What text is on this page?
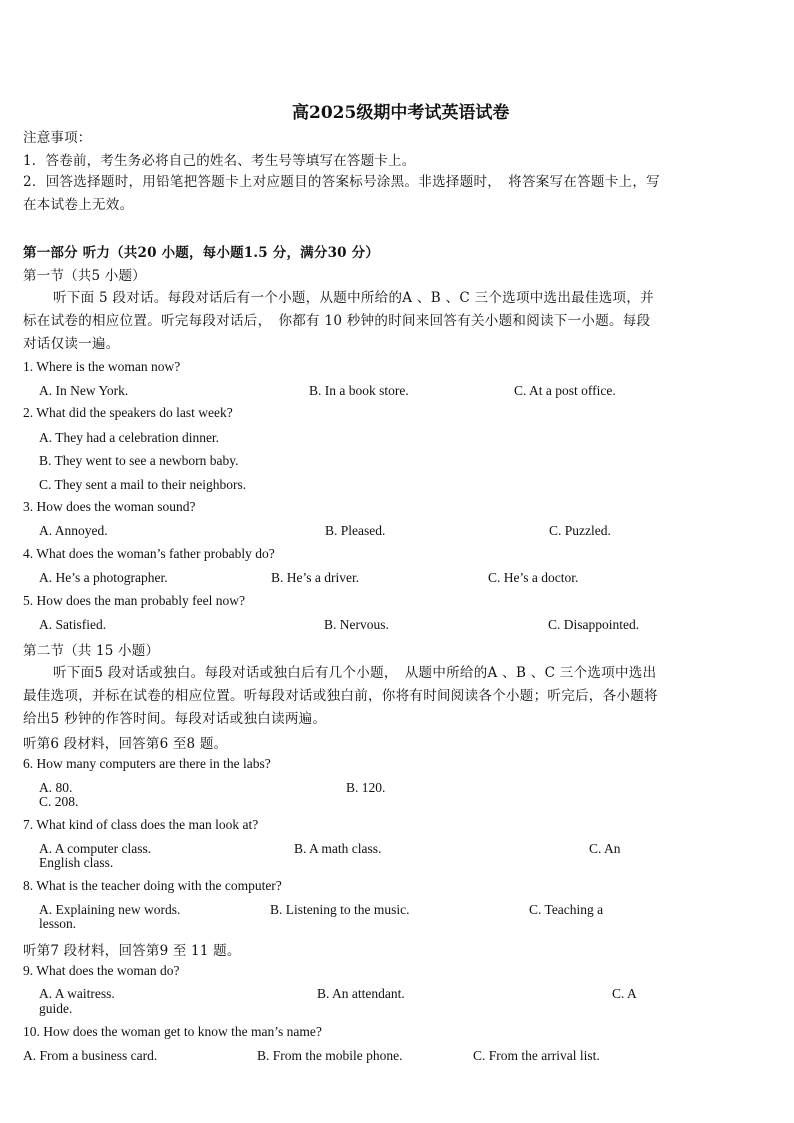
高2025级期中考试英语试卷
注意事项：
1．答卷前，考生务必将自己的姓名、考生号等填写在答题卡上。
2．回答选择题时，用铅笔把答题卡上对应题目的答案标号涂黑。非选择题时，　将答案写在答题卡上，写在本试卷上无效。
第一部分 听力（共20 小题，每小题1.5 分，满分30 分）
第一节（共5 小题）
听下面 5 段对话。每段对话后有一个小题，从题中所给的A 、B 、C 三个选项中选出最佳选项，并标在试卷的相应位置。听完每段对话后，　你都有 10 秒钟的时间来回答有关小题和阅读下一小题。每段对话仅读一遍。
1. Where is the woman now?
A. In New York.	B. In a book store.	C. At a post office.
2. What did the speakers do last week?
A. They had a celebration dinner.
B. They went to see a newborn baby.
C. They sent a mail to their neighbors.
3. How does the woman sound?
A. Annoyed.	B. Pleased.	C. Puzzled.
4. What does the woman’s father probably do?
A. He’s a photographer.	B. He’s a driver.	C. He’s a doctor.
5. How does the man probably feel now?
A. Satisfied.	B. Nervous.	C. Disappointed.
第二节（共 15 小题）
听下面5 段对话或独白。每段对话或独白后有几个小题，　从题中所给的A 、B 、C 三个选项中选出最佳选项，并标在试卷的相应位置。听每段对话或独白前，你将有时间阅读各个小题；听完后，各小题将给出5 秒钟的作答时间。每段对话或独白读两遍。
听第6 段材料，回答第6 至8 题。
6. How many computers are there in the labs?
A. 80.	B. 120.
C. 208.
7. What kind of class does the man look at?
A. A computer class.	B. A math class.	C. An
English class.
8. What is the teacher doing with the computer?
A. Explaining new words.	B. Listening to the music.	C. Teaching a
lesson.
听第7 段材料，回答第9 至 11 题。
9. What does the woman do?
A. A waitress.	B. An attendant.	C. A
guide.
10. How does the woman get to know the man’s name?
A. From a business card.	B. From the mobile phone.	C. From the arrival list.
